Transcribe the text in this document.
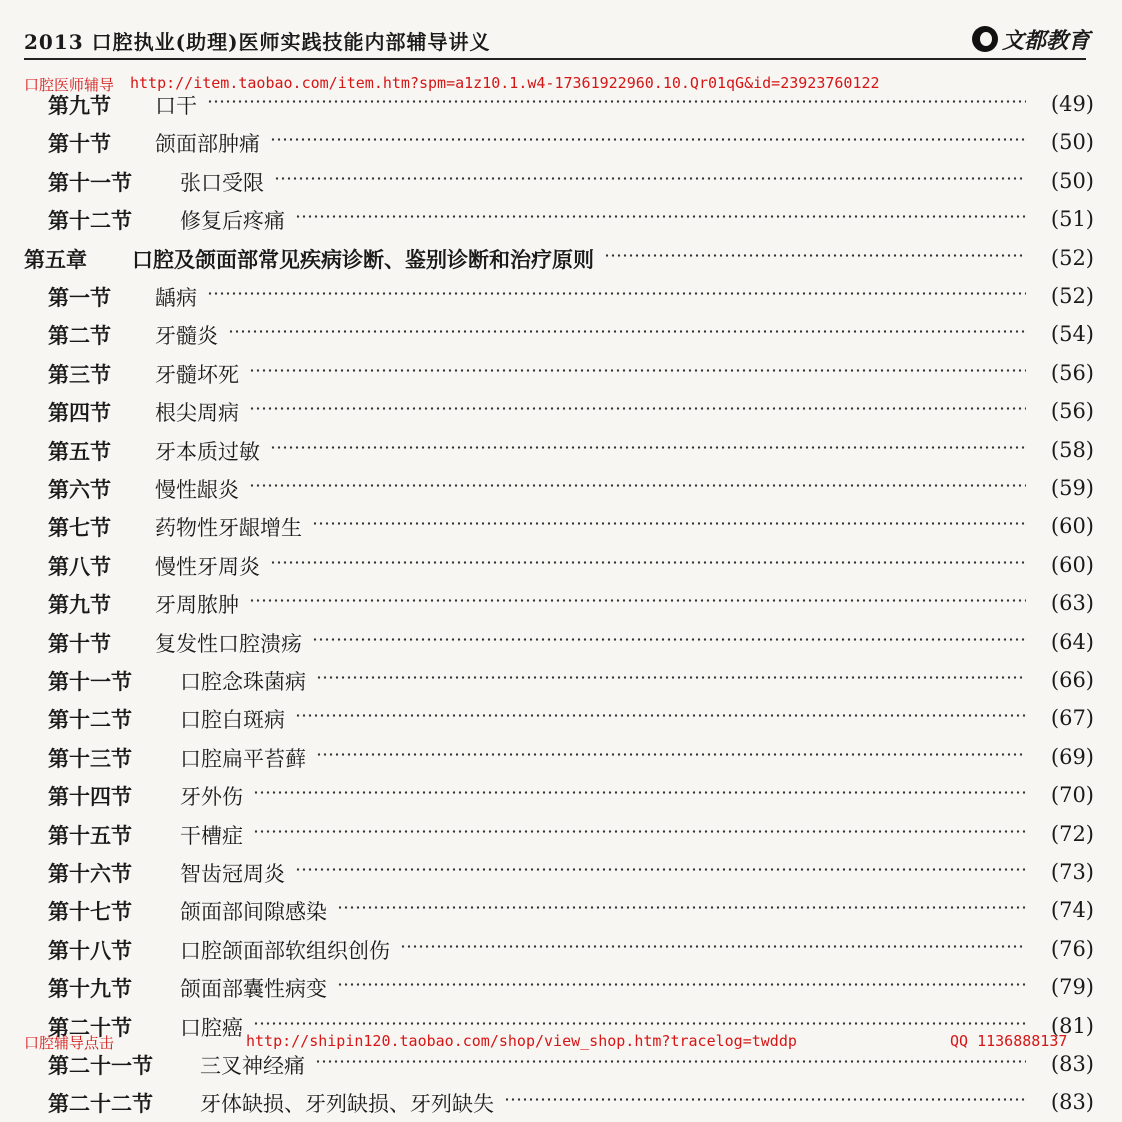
2013 口腔执业(助理)医师实践技能内部辅导讲义	文都教育
第九节 口干	(49)
第十节 颌面部肿痛	(50)
第十一节 张口受限	(50)
第十二节 修复后疼痛	(51)
第五章 口腔及颌面部常见疾病诊断、鉴别诊断和治疗原则	(52)
第一节 龋病	(52)
第二节 牙髓炎	(54)
第三节 牙髓坏死	(56)
第四节 根尖周病	(56)
第五节 牙本质过敏	(58)
第六节 慢性龈炎	(59)
第七节 药物性牙龈增生	(60)
第八节 慢性牙周炎	(60)
第九节 牙周脓肿	(63)
第十节 复发性口腔溃疡	(64)
第十一节 口腔念珠菌病	(66)
第十二节 口腔白斑病	(67)
第十三节 口腔扁平苔藓	(69)
第十四节 牙外伤	(70)
第十五节 干槽症	(72)
第十六节 智齿冠周炎	(73)
第十七节 颌面部间隙感染	(74)
第十八节 口腔颌面部软组织创伤	(76)
第十九节 颌面部囊性病变	(79)
第二十节 口腔癌	(81)
第二十一节 三叉神经痛	(83)
第二十二节 牙体缺损、牙列缺损、牙列缺失	(83)
口腔医师辅导 http://item.taobao.com/item.htm?spm=a1z10.1.w4-17361922960.10.Qr01qG&id=23923760122
口腔辅导点击	http://shipin120.taobao.com/shop/view_shop.htm?tracelog=twddp	QQ 1136888137
